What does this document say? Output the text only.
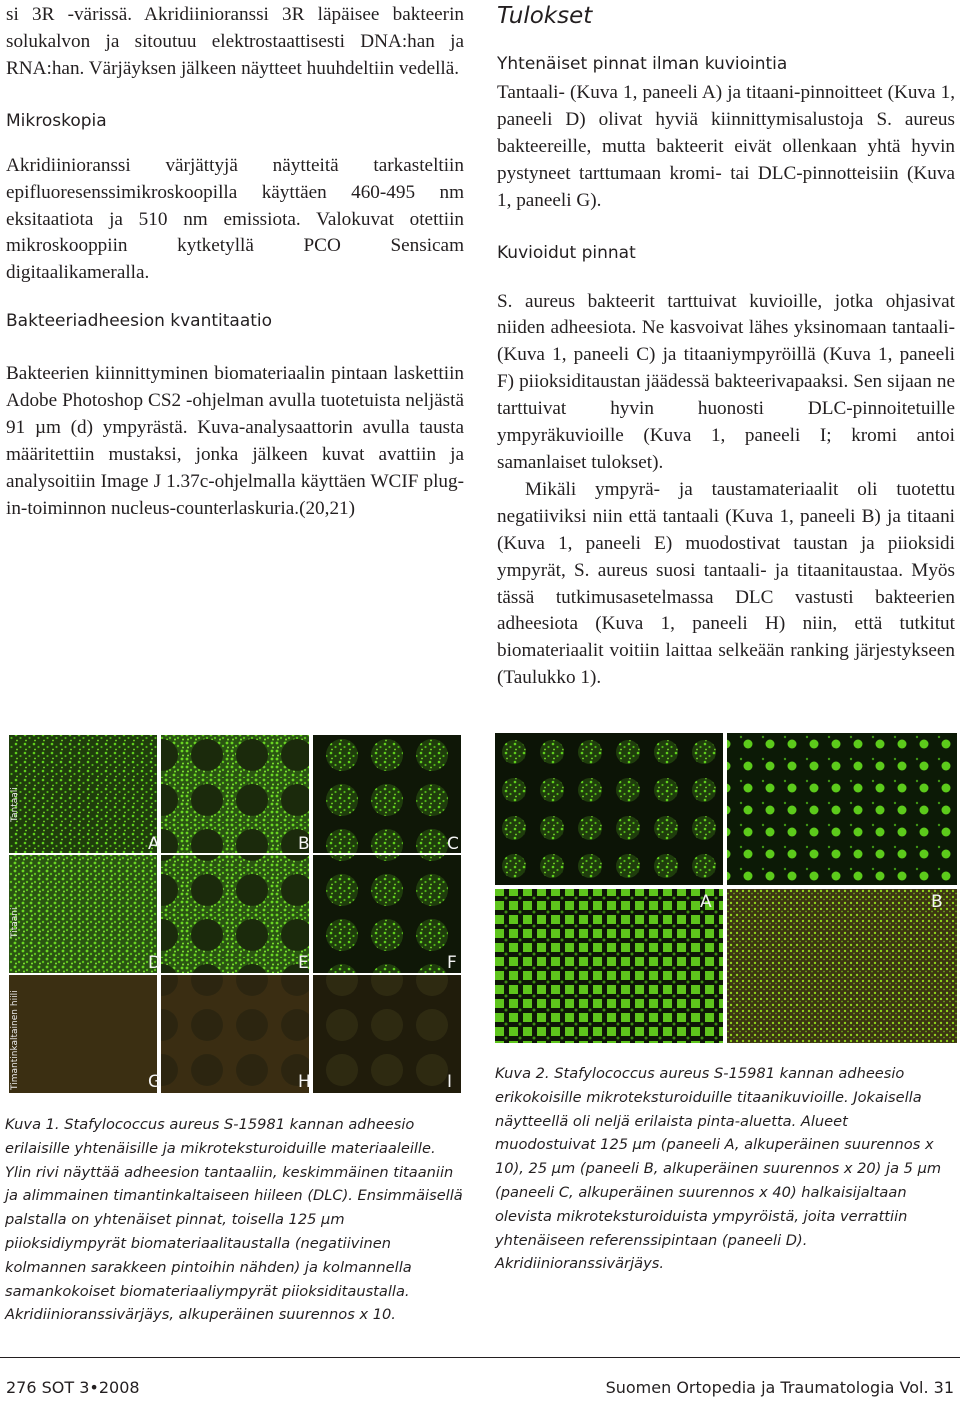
si 3R -värissä. Akridiinioranssi 3R läpäisee bakteerin solukalvon ja sitoutuu elektrostaattisesti DNA:han ja RNA:han. Värjäyksen jälkeen näytteet huuhdeltiin vedellä.

Mikroskopia

Akridiinioranssi värjättyjä näytteitä tarkasteltiin epifluoresenssimikroskoopilla käyttäen 460-495 nm eksitaatiota ja 510 nm emissiota. Valokuvat otettiin mikroskooppiin kytketyllä PCO Sensicam digitaalikameralla.

Bakteeriadheesion kvantitaatio

Bakteerien kiinnittyminen biomateriaalin pintaan laskettiin Adobe Photoshop CS2 -ohjelman avulla tuotetuista neljästä 91 µm (d) ympyrästä. Kuva-analysaattorin avulla tausta määritettiin mustaksi, jonka jälkeen kuvat avattiin ja analysoitiin Image J 1.37c-ohjelmalla käyttäen WCIF plug-in-toiminnon nucleus-counterlaskuria.(20,21)

Tulokset
Yhtenäiset pinnat ilman kuviointia

Tantaali- (Kuva 1, paneeli A) ja titaani-pinnoitteet (Kuva 1, paneeli D) olivat hyviä kiinnittymisalustoja S. aureus bakteereille, mutta bakteerit eivät ollenkaan yhtä hyvin pystyneet tarttumaan kromi- tai DLC-pinnotteisiin (Kuva 1, paneeli G).

Kuvioidut pinnat

S. aureus bakteerit tarttuivat kuvioille, jotka ohjasivat niiden adheesiota. Ne kasvoivat lähes yksinomaan tantaali- (Kuva 1, paneeli C) ja titaaniympyröillä (Kuva 1, paneeli F) piioksiditaustan jäädessä bakteerivapaaksi. Sen sijaan ne tarttuivat hyvin huonosti DLC-pinnoitetuille ympyräkuvioille (Kuva 1, paneeli I; kromi antoi samanlaiset tulokset).

Mikäli ympyrä- ja taustamateriaalit oli tuotettu negatiiviksi niin että tantaali (Kuva 1, paneeli B) ja titaani (Kuva 1, paneeli E) muodostivat taustan ja piioksidi ympyrät, S. aureus suosi tantaali- ja titaanitaustaa. Myös tässä tutkimusasetelmassa DLC vastusti bakteerien adheesiota (Kuva 1, paneeli H) niin, että tutkitut biomateriaalit voitiin laittaa selkeään ranking järjestykseen (Taulukko 1).

Tantaali
Titaani
Timantinkaltainen hiili
A	B	C
D	E	F
G	H	I
A	B
Kuva 1. Stafylococcus aureus S-15981 kannan adheesio erilaisille yhtenäisille ja mikroteksturoiduille materiaaleille. Ylin rivi näyttää adheesion tantaaliin, keskimmäinen titaaniin ja alimmainen timantinkaltaiseen hiileen (DLC). Ensimmäisellä palstalla on yhtenäiset pinnat, toisella 125 µm piioksidiympyrät biomateriaalitaustalla (negatiivinen kolmannen sarakkeen pintoihin nähden) ja kolmannella samankokoiset biomateriaaliympyrät piioksiditaustalla. Akridiinioranssivärjäys, alkuperäinen suurennos x 10.
Kuva 2. Stafylococcus aureus S-15981 kannan adheesio erikokoisille mikroteksturoiduille titaanikuvioille. Jokaisella näytteellä oli neljä erilaista pinta-aluetta. Alueet muodostuivat 125 µm (paneeli A, alkuperäinen suurennos x 10), 25 µm (paneeli B, alkuperäinen suurennos x 20) ja 5 µm (paneeli C, alkuperäinen suurennos x 40) halkaisijaltaan olevista mikroteksturoiduista ympyröistä, joita verrattiin yhtenäiseen referenssipintaan (paneeli D). Akridiinioranssivärjäys.
276 SOT 3•2008	Suomen Ortopedia ja Traumatologia Vol. 31
